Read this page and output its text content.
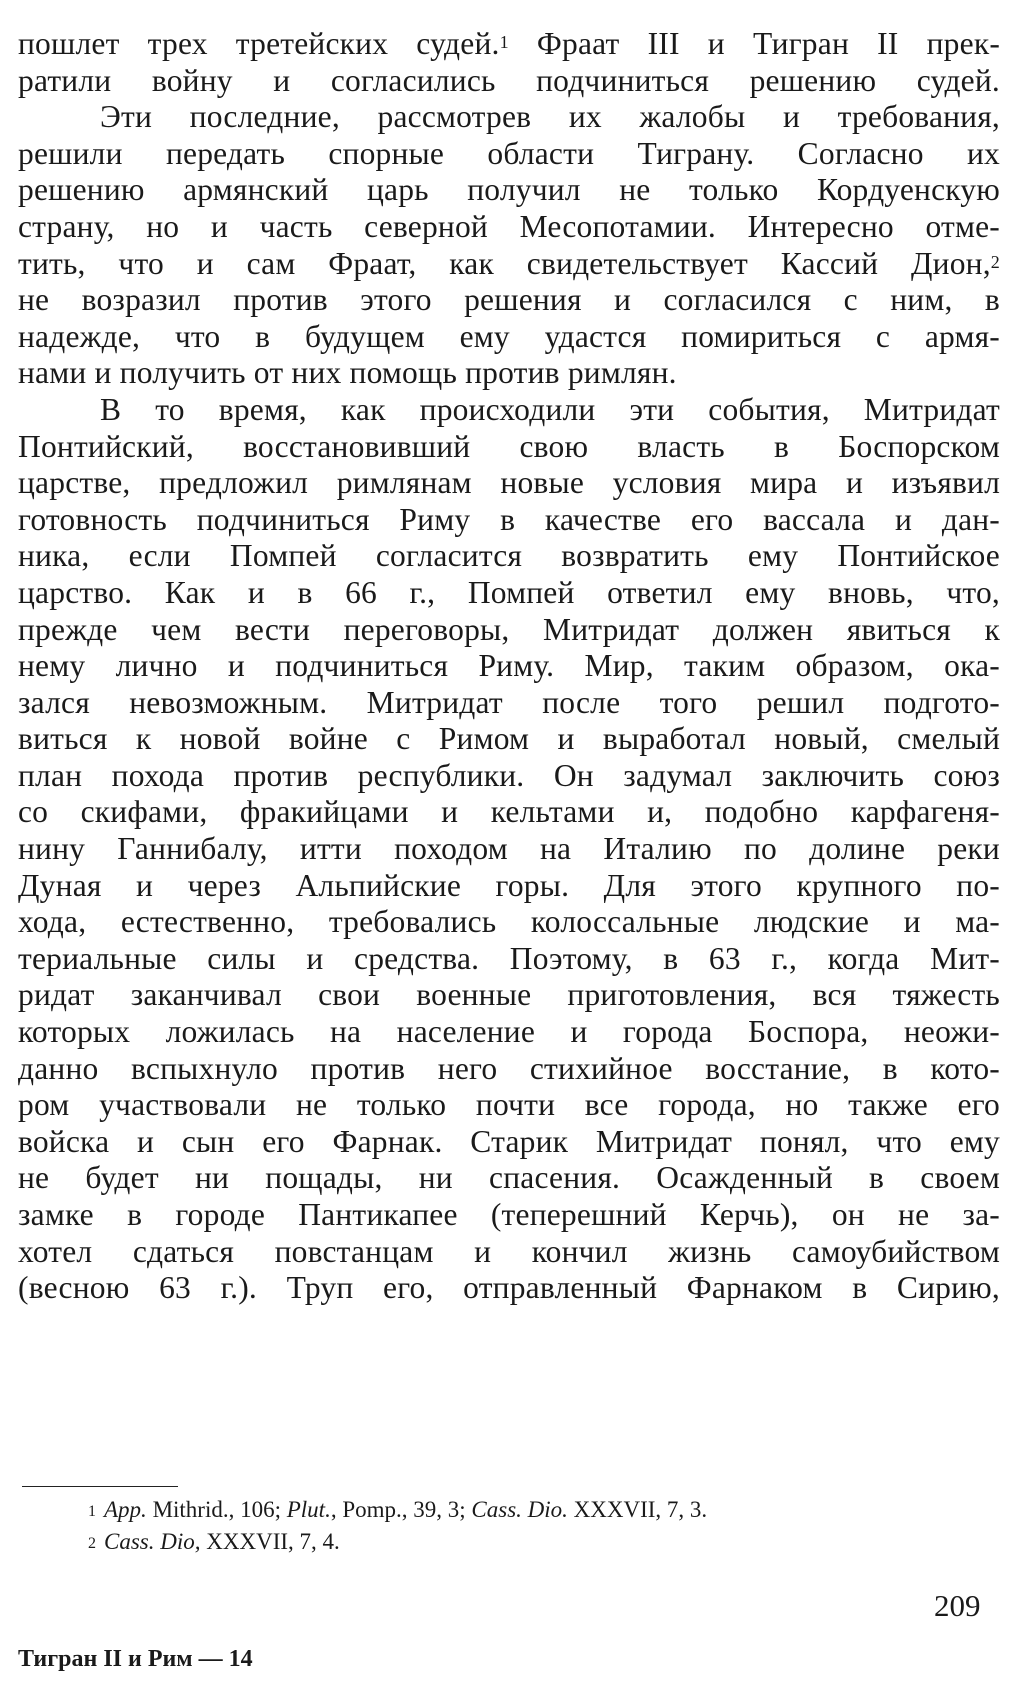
пошлет трех третейских судей.$^1$ Фраат III и Тигран II прек-
ратили войну и согласились подчиниться решению судей.
Эти последние, рассмотрев их жалобы и требования,
решили передать спорные области Тиграну. Согласно их
решению армянский царь получил не только Кордуенскую
страну, но и часть северной Месопотамии. Интересно отме-
тить, что и сам Фраат, как свидетельствует Кассий Дион,$^2$
не возразил против этого решения и согласился с ним, в
надежде, что в будущем ему удастся помириться с армя-
нами и получить от них помощь против римлян.
В то время, как происходили эти события, Митридат
Понтийский, восстановивший свою власть в Боспорском
царстве, предложил римлянам новые условия мира и изъявил
готовность подчиниться Риму в качестве его вассала и дан-
ника, если Помпей согласится возвратить ему Понтийское
царство. Как и в 66 г., Помпей ответил ему вновь, что,
прежде чем вести переговоры, Митридат должен явиться к
нему лично и подчиниться Риму. Мир, таким образом, ока-
зался невозможным. Митридат после того решил подгото-
виться к новой войне с Римом и выработал новый, смелый
план похода против республики. Он задумал заключить союз
со скифами, фракийцами и кельтами и, подобно карфагеня-
нину Ганнибалу, итти походом на Италию по долине реки
Дуная и через Альпийские горы. Для этого крупного по-
хода, естественно, требовались колоссальные людские и ма-
териальные силы и средства. Поэтому, в 63 г., когда Мит-
ридат заканчивал свои военные приготовления, вся тяжесть
которых ложилась на население и города Боспора, неожи-
данно вспыхнуло против него стихийное восстание, в кото-
ром участвовали не только почти все города, но также его
войска и сын его Фарнак. Старик Митридат понял, что ему
не будет ни пощады, ни спасения. Осажденный в своем
замке в городе Пантикапее (теперешний Керчь), он не за-
хотел сдаться повстанцам и кончил жизнь самоубийством
(весною 63 г.). Труп его, отправленный Фарнаком в Сирию,
$^1$ App. Mithrid., 106; Plut., Pomp., 39, 3; Cass. Dio. XXXVII, 7, 3.
$^2$ Cass. Dio, XXXVII, 7, 4.
209
Тигран II и Рим — 14
